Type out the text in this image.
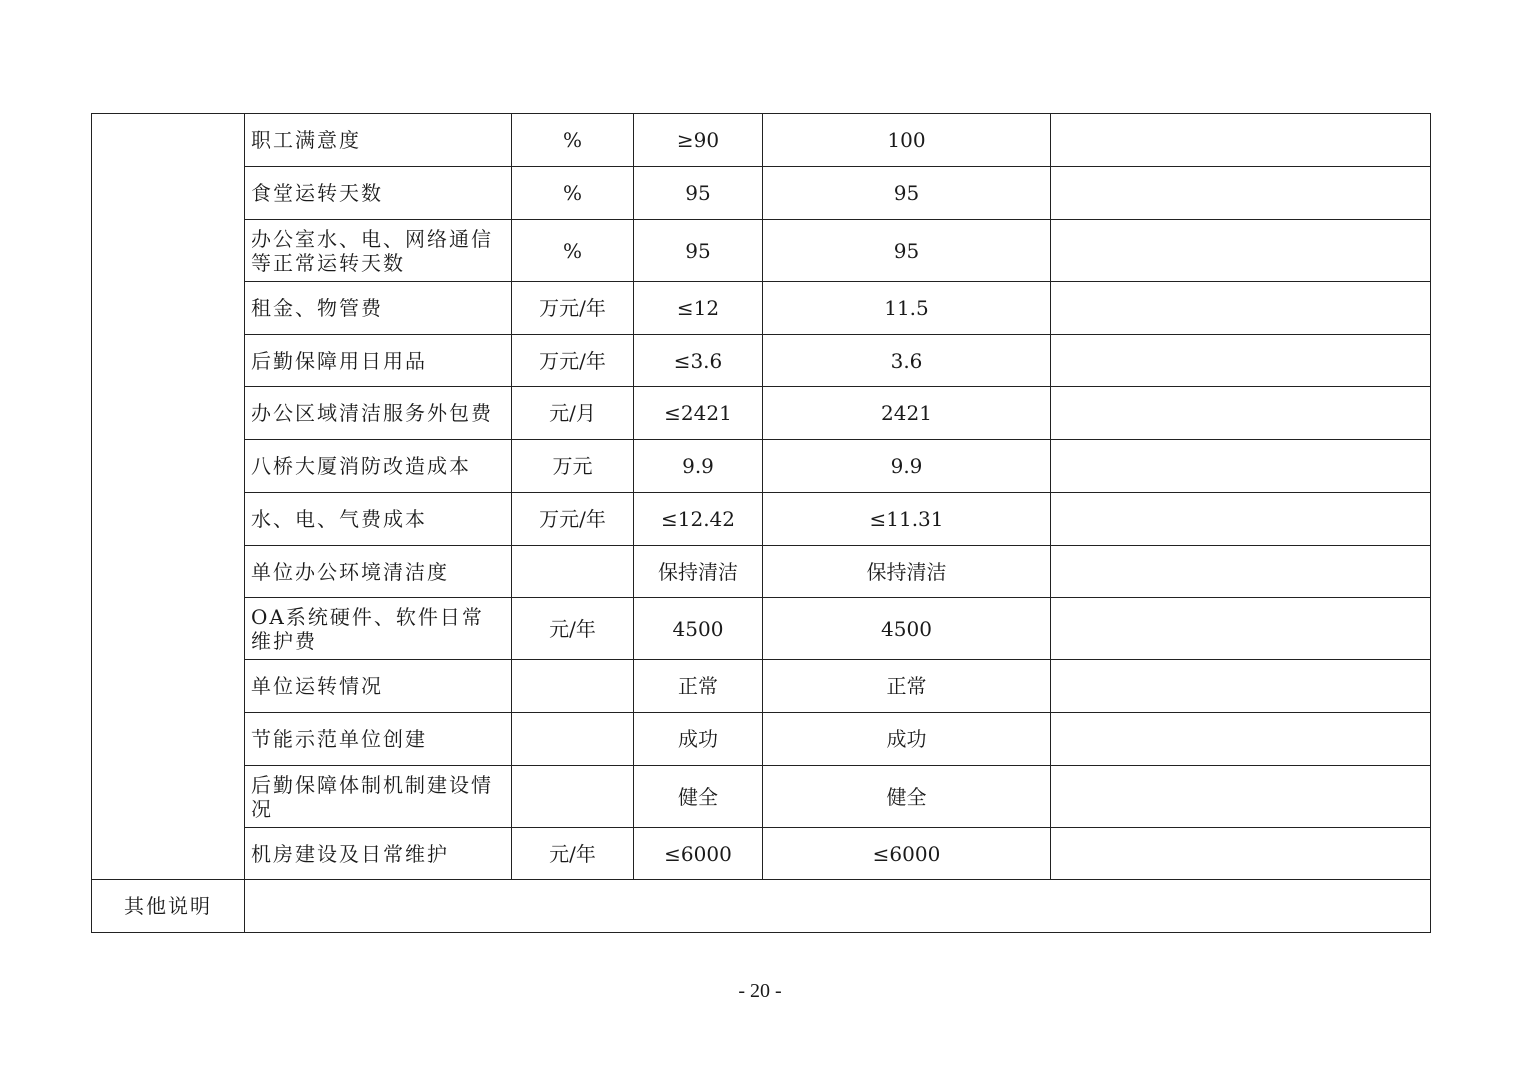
	职工满意度	%	≥90	100	
	食堂运转天数	%	95	95	
	办公室水、电、网络通信等正常运转天数	%	95	95	
	租金、物管费	万元/年	≤12	11.5	
	后勤保障用日用品	万元/年	≤3.6	3.6	
	办公区域清洁服务外包费	元/月	≤2421	2421	
	八桥大厦消防改造成本	万元	9.9	9.9	
	水、电、气费成本	万元/年	≤12.42	≤11.31	
	单位办公环境清洁度		保持清洁	保持清洁	
	OA系统硬件、软件日常维护费	元/年	4500	4500	
	单位运转情况		正常	正常	
	节能示范单位创建		成功	成功	
	后勤保障体制机制建设情况		健全	健全	
	机房建设及日常维护	元/年	≤6000	≤6000	
其他说明					
- 20 -
